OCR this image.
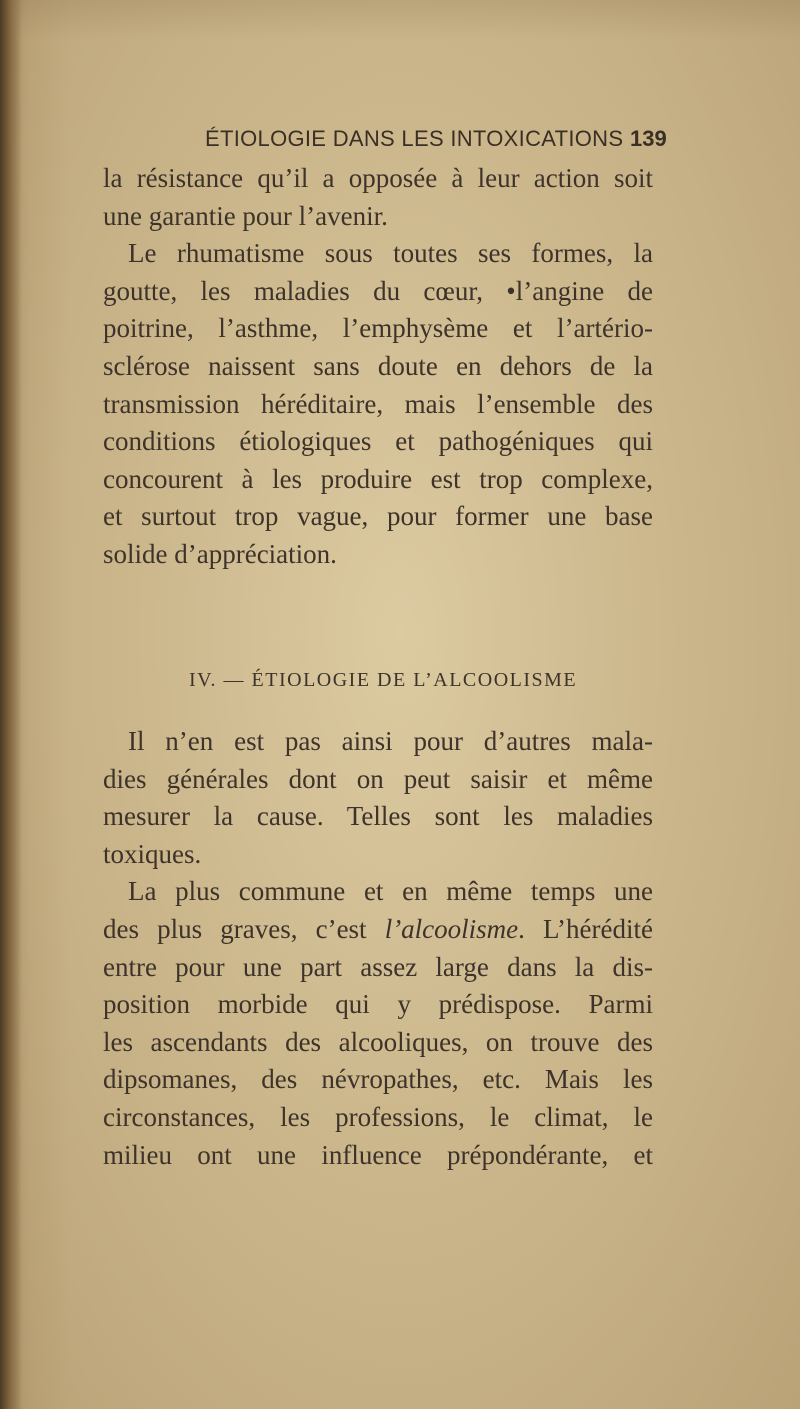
ÉTIOLOGIE DANS LES INTOXICATIONS 139
la résistance qu’il a opposée à leur action soit
une garantie pour l’avenir.
Le rhumatisme sous toutes ses formes, la
goutte, les maladies du cœur, •l’angine de
poitrine, l’asthme, l’emphysème et l’artério-
sclérose naissent sans doute en dehors de la
transmission héréditaire, mais l’ensemble des
conditions étiologiques et pathogéniques qui
concourent à les produire est trop complexe,
et surtout trop vague, pour former une base
solide d’appréciation.
IV. — ÉTIOLOGIE DE L’ALCOOLISME
Il n’en est pas ainsi pour d’autres mala-
dies générales dont on peut saisir et même
mesurer la cause. Telles sont les maladies
toxiques.
La plus commune et en même temps une
des plus graves, c’est l’alcoolisme. L’hérédité
entre pour une part assez large dans la dis-
position morbide qui y prédispose. Parmi
les ascendants des alcooliques, on trouve des
dipsomanes, des névropathes, etc. Mais les
circonstances, les professions, le climat, le
milieu ont une influence prépondérante, et
